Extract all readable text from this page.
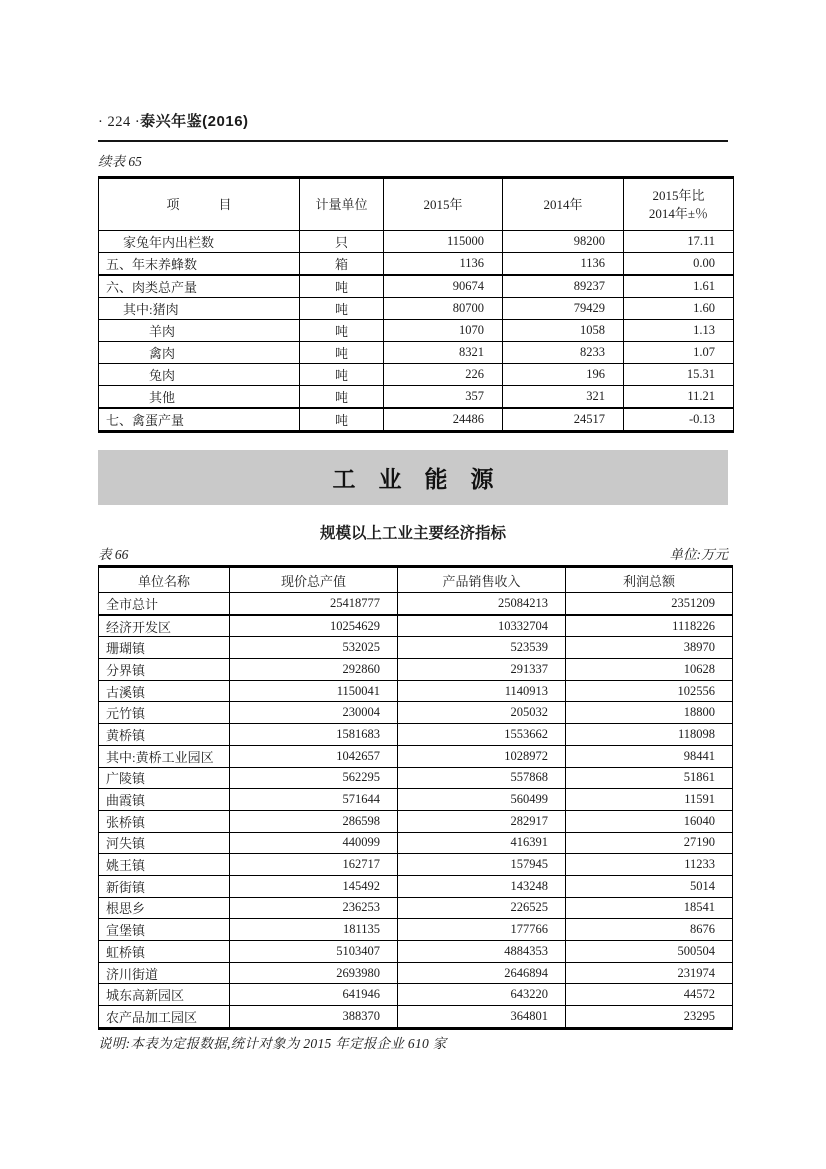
· 224 ·泰兴年鉴(2016)
续表 65
项　　　目	计量单位	2015年	2014年	2015年比
2014年±％

家兔年内出栏数	只	115000	98200	17.11
五、年末养蜂数	箱	1136	1136	0.00
六、肉类总产量	吨	90674	89237	1.61
其中:猪肉	吨	80700	79429	1.60
羊肉	吨	1070	1058	1.13
禽肉	吨	8321	8233	1.07
兔肉	吨	226	196	15.31
其他	吨	357	321	11.21
七、禽蛋产量	吨	24486	24517	-0.13
工　业　能　源
规模以上工业主要经济指标
表 66	单位:万元
单位名称	现价总产值	产品销售收入	利润总额
全市总计	25418777	25084213	2351209
经济开发区	10254629	10332704	1118226
珊瑚镇	532025	523539	38970
分界镇	292860	291337	10628
古溪镇	1150041	1140913	102556
元竹镇	230004	205032	18800
黄桥镇	1581683	1553662	118098
其中:黄桥工业园区	1042657	1028972	98441
广陵镇	562295	557868	51861
曲霞镇	571644	560499	11591
张桥镇	286598	282917	16040
河失镇	440099	416391	27190
姚王镇	162717	157945	11233
新街镇	145492	143248	5014
根思乡	236253	226525	18541
宣堡镇	181135	177766	8676
虹桥镇	5103407	4884353	500504
济川街道	2693980	2646894	231974
城东高新园区	641946	643220	44572
农产品加工园区	388370	364801	23295
说明:本表为定报数据,统计对象为 2015 年定报企业 610 家
